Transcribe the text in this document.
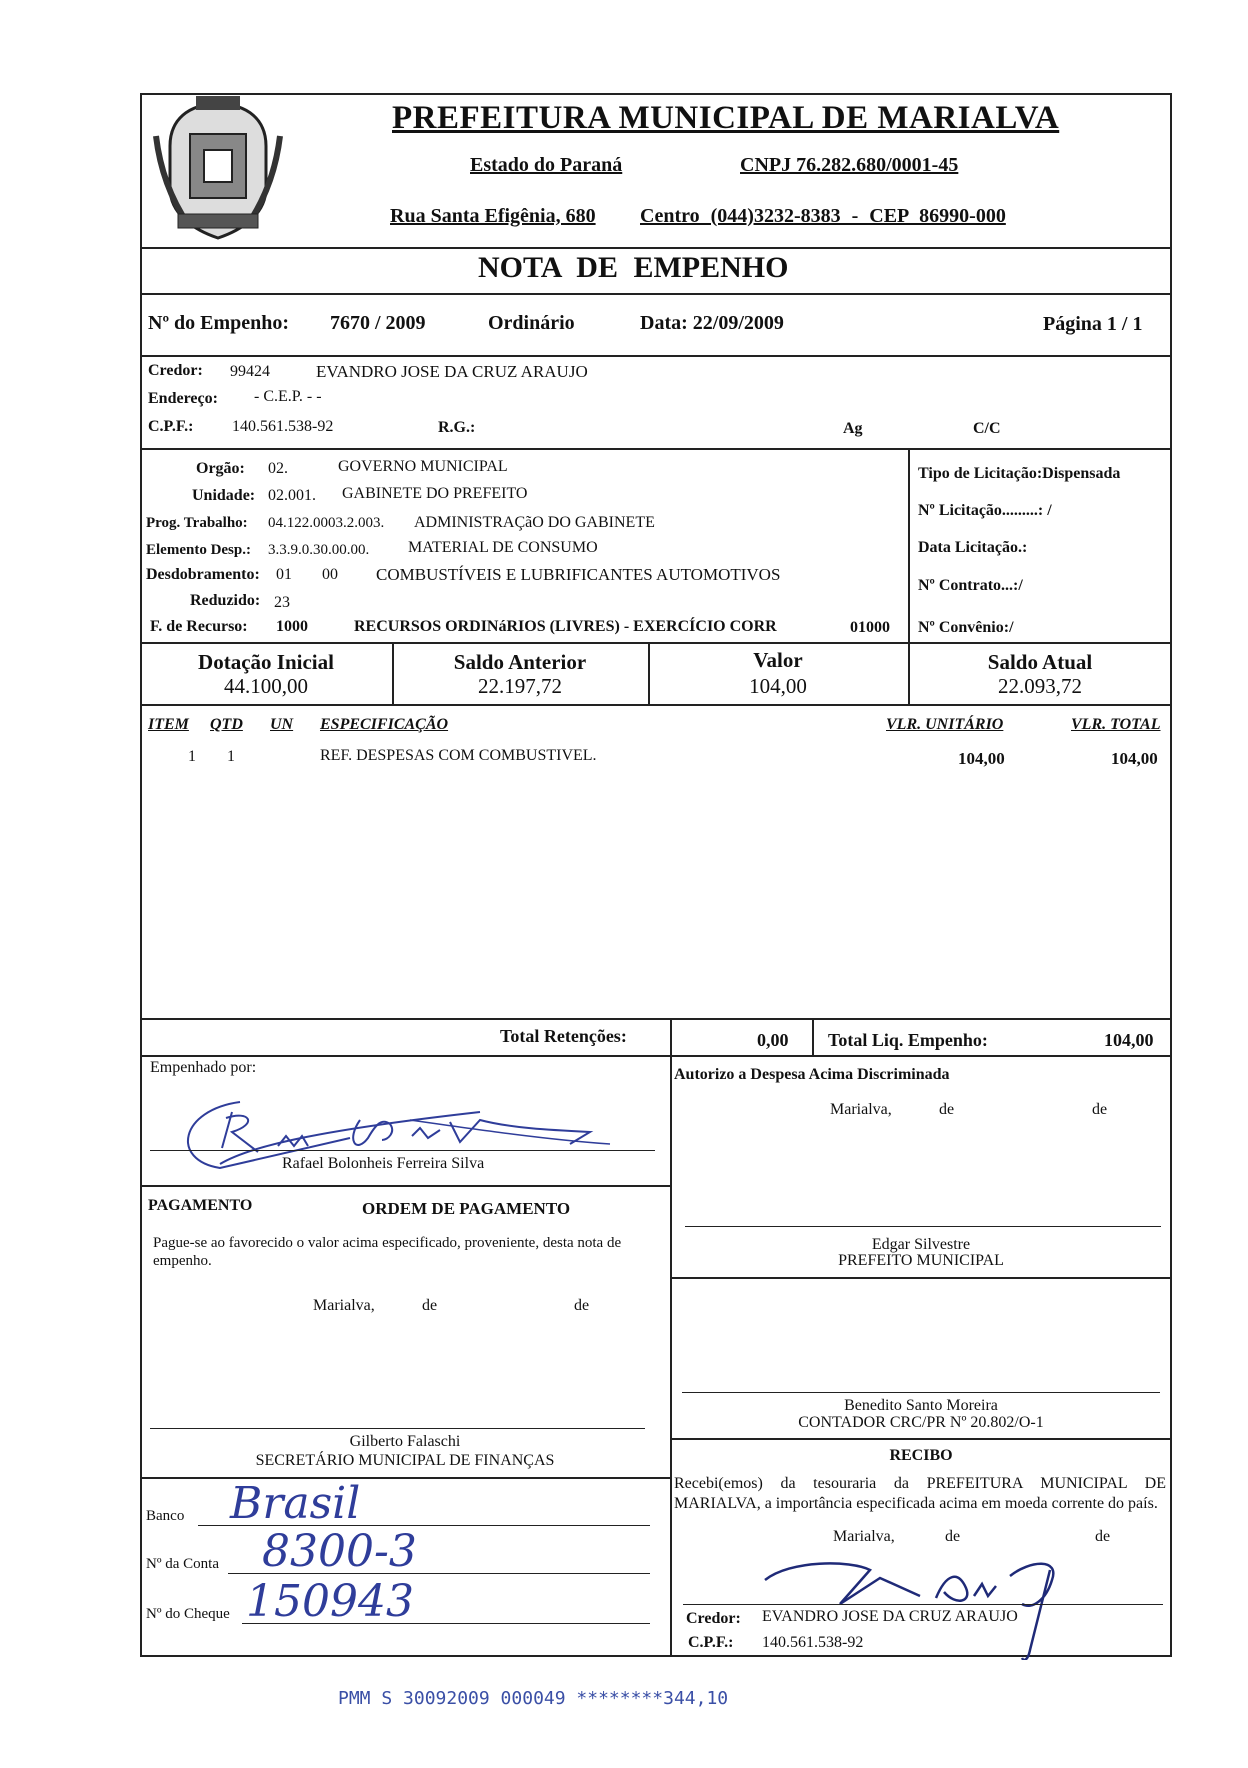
PREFEITURA MUNICIPAL DE MARIALVA
Estado do Paraná	CNPJ 76.282.680/0001-45
Rua Santa Efigênia, 680 Centro (044)3232-8383 - CEP 86990-000
NOTA DE EMPENHO
Nº do Empenho: 7670 / 2009	Ordinário	Data: 22/09/2009	Página 1 / 1
Credor: 99424	EVANDRO JOSE DA CRUZ ARAUJO
Endereço: - C.E.P. - -
C.P.F.: 140.561.538-92	R.G.:	Ag	C/C
Orgão: 02.	GOVERNO MUNICIPAL
Unidade: 02.001. GABINETE DO PREFEITO
Prog. Trabalho: 04.122.0003.2.003. ADMINISTRAÇãO DO GABINETE
Elemento Desp.: 3.3.9.0.30.00.00. MATERIAL DE CONSUMO
Desdobramento: 01 00 COMBUSTÍVEIS E LUBRIFICANTES AUTOMOTIVOS
Reduzido: 23
F. de Recurso: 1000	RECURSOS ORDINáRIOS (LIVRES) - EXERCÍCIO CORR	01000
Tipo de Licitação:Dispensada
Nº Licitação.........: /
Data Licitação.:
Nº Contrato...:/
Nº Convênio:/
Dotação Inicial
44.100,00
Saldo Anterior
22.197,72
Valor
104,00
Saldo Atual
22.093,72
ITEM QTD UN ESPECIFICAÇÃO	VLR. UNITÁRIO	VLR. TOTAL
1 1	REF. DESPESAS COM COMBUSTIVEL.	104,00	104,00
Total Retenções:	0,00 Total Liq. Empenho:	104,00
Empenhado por:
Rafael Bolonheis Ferreira Silva
Autorizo a Despesa Acima Discriminada
Marialva,	de	de
Edgar Silvestre
PREFEITO MUNICIPAL
PAGAMENTO	ORDEM DE PAGAMENTO
Pague-se ao favorecido o valor acima especificado, proveniente, desta nota de empenho.
Marialva,	de	de
Gilberto Falaschi
SECRETÁRIO MUNICIPAL DE FINANÇAS
Benedito Santo Moreira
CONTADOR CRC/PR Nº 20.802/O-1
Banco Brasil
Nº da Conta 8300-3
Nº do Cheque 150943
RECIBO
Recebi(emos) da tesouraria da PREFEITURA MUNICIPAL DE MARIALVA, a importância especificada acima em moeda corrente do país.
Marialva,	de	de
Credor: EVANDRO JOSE DA CRUZ ARAUJO
C.P.F.: 140.561.538-92
PMM S 30092009 000049 ********344,10
